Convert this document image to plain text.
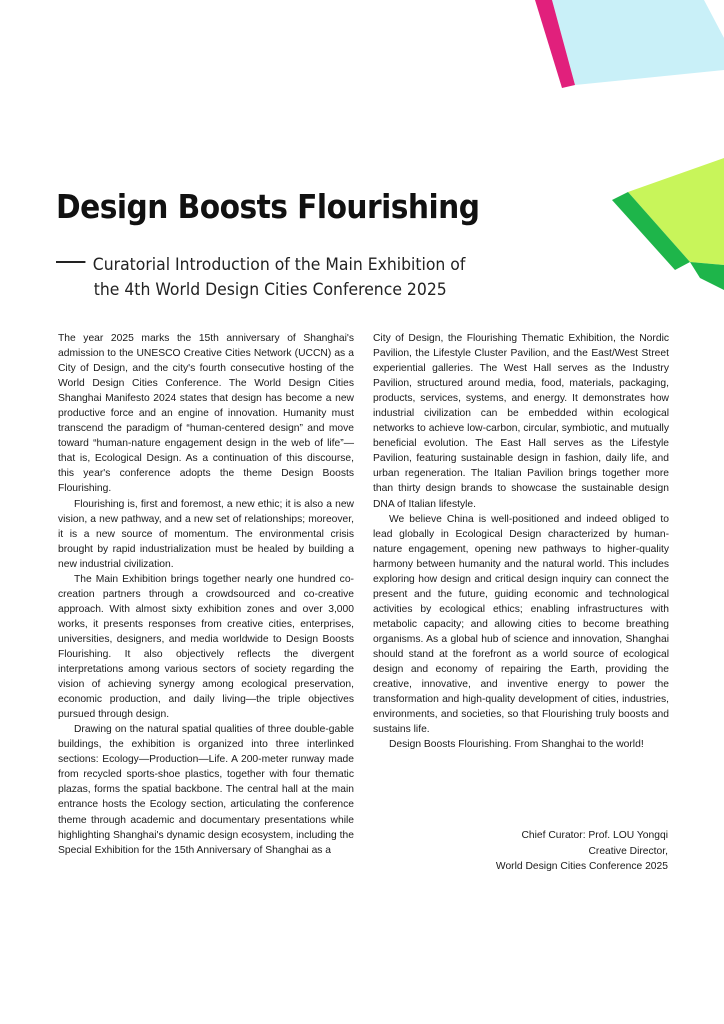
Design Boosts Flourishing
Curatorial Introduction of the Main Exhibition of
the 4th World Design Cities Conference 2025

The year 2025 marks the 15th anniversary of Shanghai's admission to the UNESCO Creative Cities Network (UCCN) as a City of Design, and the city's fourth consecutive hosting of the World Design Cities Conference. The World Design Cities Shanghai Manifesto 2024 states that design has become a new productive force and an engine of innovation. Humanity must transcend the paradigm of “human-centered design” and move toward “human-nature engagement design in the web of life”—that is, Ecological Design. As a continuation of this discourse, this year's conference adopts the theme Design Boosts Flourishing.

Flourishing is, first and foremost, a new ethic; it is also a new vision, a new pathway, and a new set of relationships; moreover, it is a new source of momentum. The environmental crisis brought by rapid industrialization must be healed by building a new industrial civilization.

The Main Exhibition brings together nearly one hundred co-creation partners through a crowdsourced and co-creative approach. With almost sixty exhibition zones and over 3,000 works, it presents responses from creative cities, enterprises, universities, designers, and media worldwide to Design Boosts Flourishing. It also objectively reflects the divergent interpretations among various sectors of society regarding the vision of achieving synergy among ecological preservation, economic production, and daily living—the triple objectives pursued through design.

Drawing on the natural spatial qualities of three double-gable buildings, the exhibition is organized into three interlinked sections: Ecology—Production—Life. A 200-meter runway made from recycled sports-shoe plastics, together with four thematic plazas, forms the spatial backbone. The central hall at the main entrance hosts the Ecology section, articulating the conference theme through academic and documentary presentations while highlighting Shanghai's dynamic design ecosystem, including the Special Exhibition for the 15th Anniversary of Shanghai as a

City of Design, the Flourishing Thematic Exhibition, the Nordic Pavilion, the Lifestyle Cluster Pavilion, and the East/West Street experiential galleries. The West Hall serves as the Industry Pavilion, structured around media, food, materials, packaging, products, services, systems, and energy. It demonstrates how industrial civilization can be embedded within ecological networks to achieve low-carbon, circular, symbiotic, and mutually beneficial evolution. The East Hall serves as the Lifestyle Pavilion, featuring sustainable design in fashion, daily life, and urban regeneration. The Italian Pavilion brings together more than thirty design brands to showcase the sustainable design DNA of Italian lifestyle.

We believe China is well-positioned and indeed obliged to lead globally in Ecological Design characterized by human-nature engagement, opening new pathways to higher-quality harmony between humanity and the natural world. This includes exploring how design and critical design inquiry can connect the present and the future, guiding economic and technological activities by ecological ethics; enabling infrastructures with metabolic capacity; and allowing cities to become breathing organisms. As a global hub of science and innovation, Shanghai should stand at the forefront as a world source of ecological design and economy of repairing the Earth, providing the creative, innovative, and inventive energy to power the transformation and high-quality development of cities, industries, environments, and societies, so that Flourishing truly boosts and sustains life.

Design Boosts Flourishing. From Shanghai to the world!

Chief Curator: Prof. LOU Yongqi
Creative Director,
World Design Cities Conference 2025
